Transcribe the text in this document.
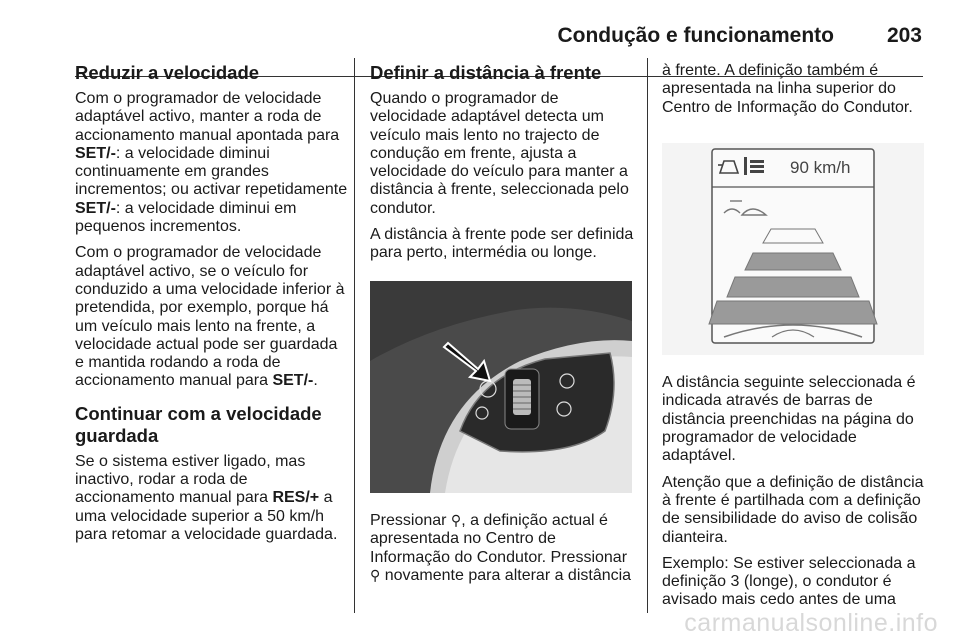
Condução e funcionamento	203
Reduzir a velocidade

Com o programador de velocidade adaptável activo, manter a roda de accionamento manual apontada para SET/-: a velocidade diminui continuamente em grandes incrementos; ou activar repetidamente SET/-: a velocidade diminui em pequenos incrementos.

Com o programador de velocidade adaptável activo, se o veículo for conduzido a uma velocidade inferior à pretendida, por exemplo, porque há um veículo mais lento na frente, a velocidade actual pode ser guardada e mantida rodando a roda de accionamento manual para SET/-.

Continuar com a velocidade guardada

Se o sistema estiver ligado, mas inactivo, rodar a roda de accionamento manual para RES/+ a uma velocidade superior a 50 km/h para retomar a velocidade guardada.

Definir a distância à frente

Quando o programador de velocidade adaptável detecta um veículo mais lento no trajecto de condução em frente, ajusta a velocidade do veículo para manter a distância à frente, seleccionada pelo condutor.

A distância à frente pode ser definida para perto, intermédia ou longe.

Pressionar ⚲, a definição actual é apresentada no Centro de Informação do Condutor. Pressionar ⚲ novamente para alterar a distância

à frente. A definição também é apresentada na linha superior do Centro de Informação do Condutor.

90 km/h

A distância seguinte seleccionada é indicada através de barras de distância preenchidas na página do programador de velocidade adaptável.

Atenção que a definição de distância à frente é partilhada com a definição de sensibilidade do aviso de colisão dianteira.

Exemplo: Se estiver seleccionada a definição 3 (longe), o condutor é avisado mais cedo antes de uma

carmanualsonline.info
